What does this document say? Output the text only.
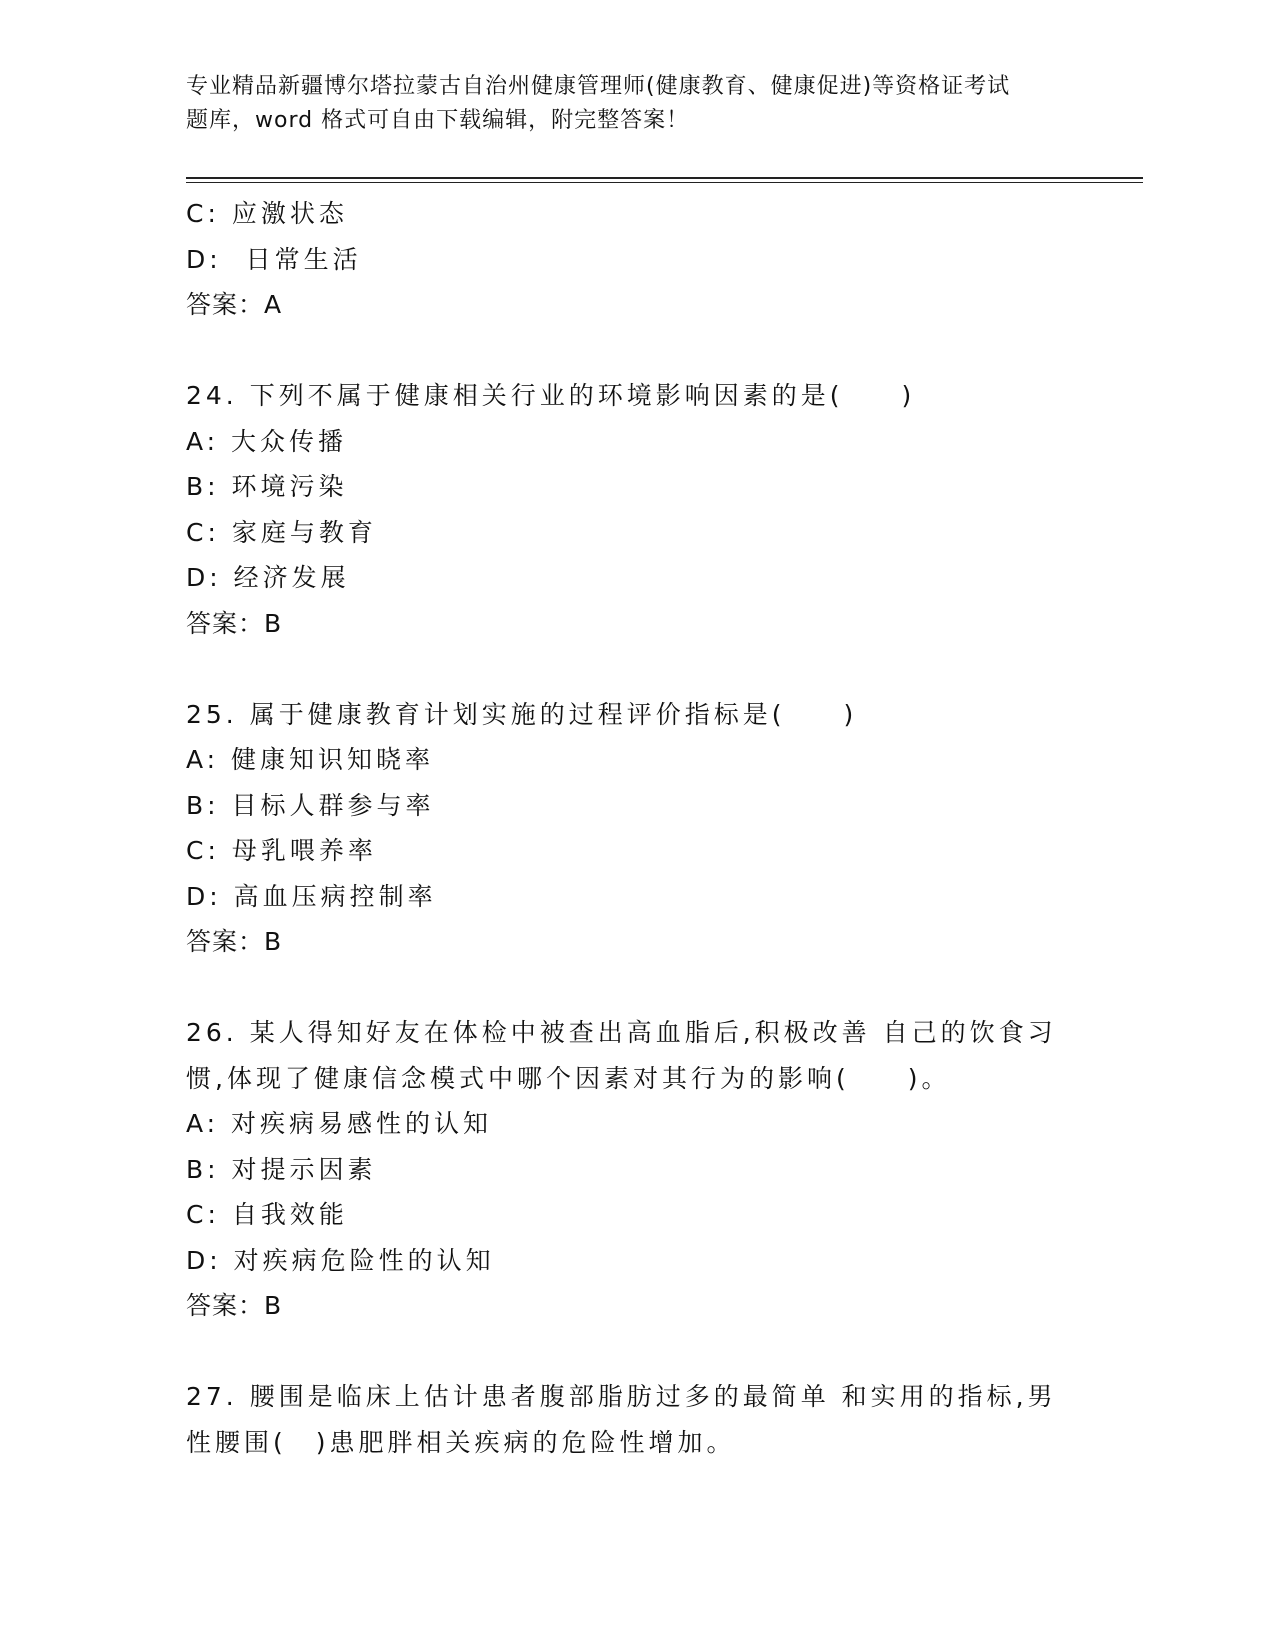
专业精品新疆博尔塔拉蒙古自治州健康管理师(健康教育、健康促进)等资格证考试
题库，word 格式可自由下载编辑，附完整答案！
C: 应激状态
D:  日常生活
答案：A
24. 下列不属于健康相关行业的环境影响因素的是(　　)
A: 大众传播
B: 环境污染
C: 家庭与教育
D: 经济发展
答案：B
25. 属于健康教育计划实施的过程评价指标是(　　)
A: 健康知识知晓率
B: 目标人群参与率
C: 母乳喂养率
D: 高血压病控制率
答案：B
26. 某人得知好友在体检中被查出高血脂后,积极改善 自己的饮食习
惯,体现了健康信念模式中哪个因素对其行为的影响(　　)。
A: 对疾病易感性的认知
B: 对提示因素
C: 自我效能
D: 对疾病危险性的认知
答案：B
27. 腰围是临床上估计患者腹部脂肪过多的最简单 和实用的指标,男
性腰围(　)患肥胖相关疾病的危险性增加。
